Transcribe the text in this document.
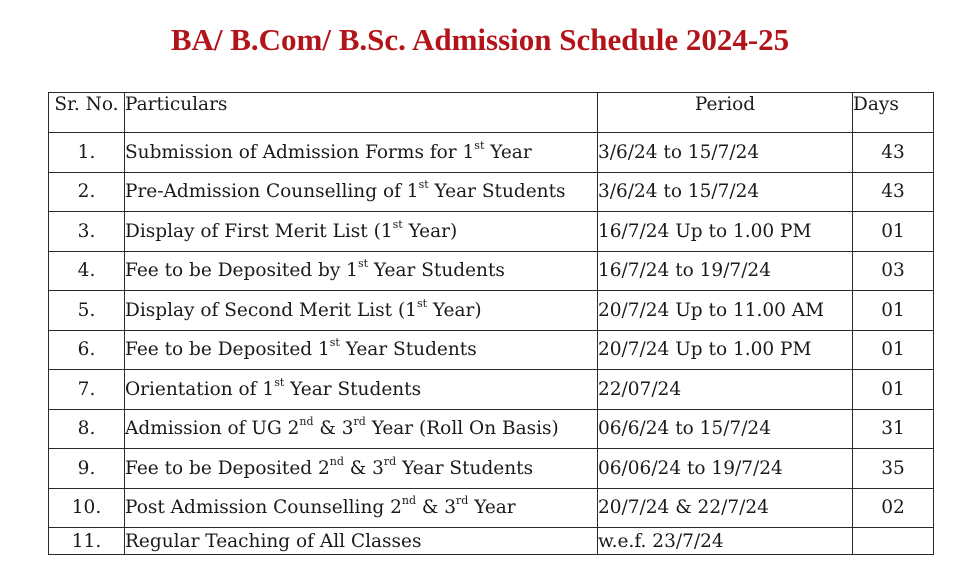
BA/ B.Com/ B.Sc. Admission Schedule 2024-25
Sr. No.	Particulars	Period	Days
1.	Submission of Admission Forms for 1st Year	3/6/24 to 15/7/24	43
2.	Pre-Admission Counselling of 1st Year Students	3/6/24 to 15/7/24	43
3.	Display of First Merit List (1st Year)	16/7/24 Up to 1.00 PM	01
4.	Fee to be Deposited by 1st Year Students	16/7/24 to 19/7/24	03
5.	Display of Second Merit List (1st Year)	20/7/24 Up to 11.00 AM	01
6.	Fee to be Deposited 1st Year Students	20/7/24 Up to 1.00 PM	01
7.	Orientation of 1st Year Students	22/07/24	01
8.	Admission of UG 2nd & 3rd Year (Roll On Basis)	06/6/24 to 15/7/24	31
9.	Fee to be Deposited 2nd & 3rd Year Students	06/06/24 to 19/7/24	35
10.	Post Admission Counselling 2nd & 3rd Year	20/7/24 & 22/7/24	02
11.	Regular Teaching of All Classes	w.e.f. 23/7/24	
